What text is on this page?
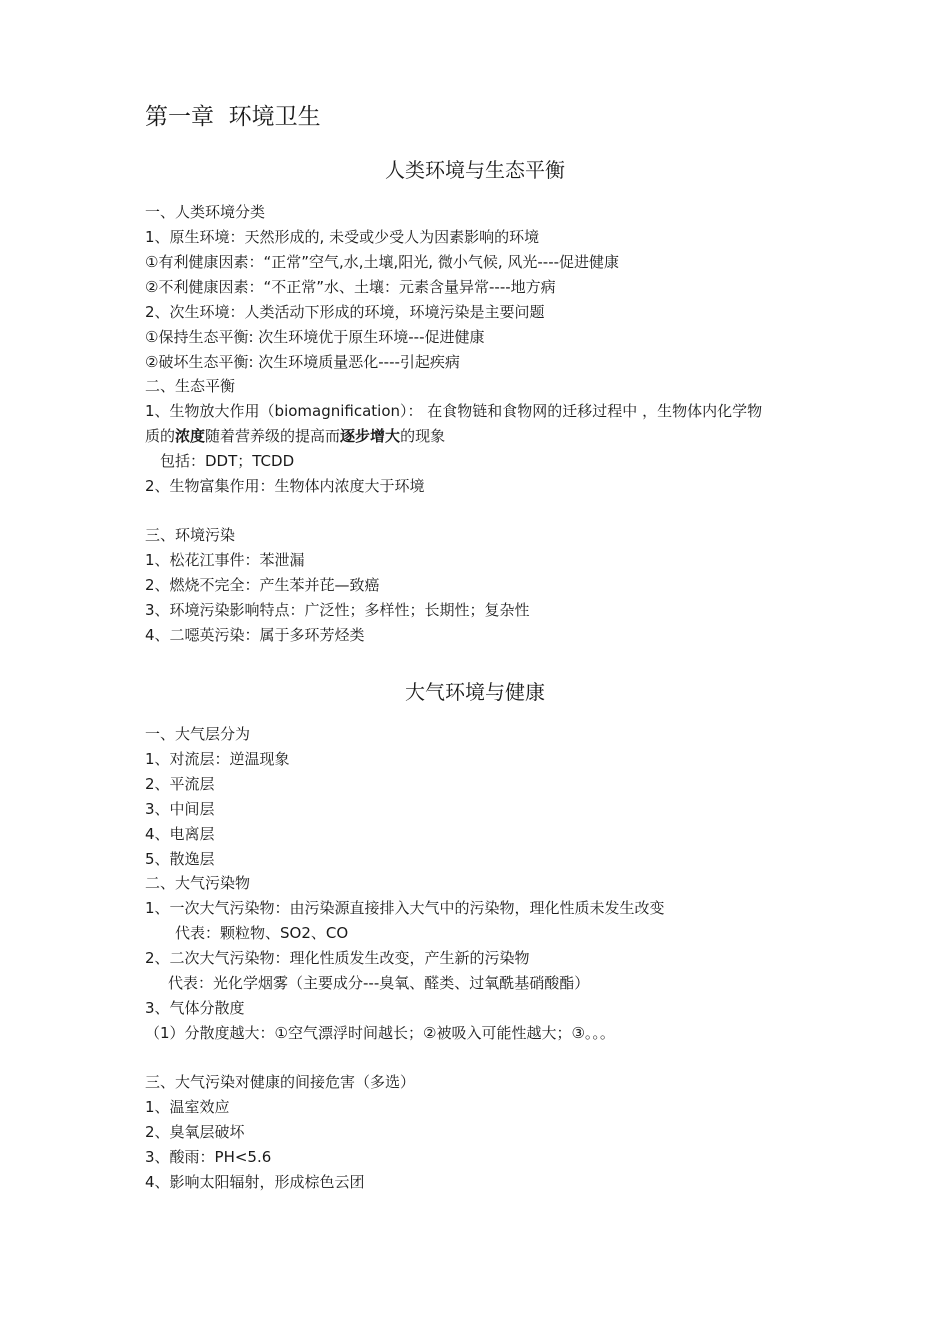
第一章  环境卫生
人类环境与生态平衡
一、人类环境分类
1、原生环境：天然形成的, 未受或少受人为因素影响的环境
①有利健康因素：“正常”空气,水,土壤,阳光, 微小气候, 风光----促进健康
②不利健康因素：“不正常”水、土壤：元素含量异常----地方病
2、次生环境：人类活动下形成的环境，环境污染是主要问题
①保持生态平衡: 次生环境优于原生环境---促进健康
②破坏生态平衡: 次生环境质量恶化----引起疾病
二、生态平衡
1、生物放大作用（biomagnification）： 在食物链和食物网的迁移过程中 ，生物体内化学物
质的浓度随着营养级的提高而逐步增大的现象
包括：DDT；TCDD
2、生物富集作用：生物体内浓度大于环境
三、环境污染
1、松花江事件：苯泄漏
2、燃烧不完全：产生苯并芘—致癌
3、环境污染影响特点：广泛性；多样性；长期性；复杂性
4、二噁英污染：属于多环芳烃类
大气环境与健康
一、大气层分为
1、对流层：逆温现象
2、平流层
3、中间层
4、电离层
5、散逸层
二、大气污染物
1、一次大气污染物：由污染源直接排入大气中的污染物，理化性质未发生改变
代表：颗粒物、SO2、CO
2、二次大气污染物：理化性质发生改变，产生新的污染物
代表：光化学烟雾（主要成分---臭氧、醛类、过氧酰基硝酸酯）
3、气体分散度
（1）分散度越大：①空气漂浮时间越长；②被吸入可能性越大；③。。。
三、大气污染对健康的间接危害（多选）
1、温室效应
2、臭氧层破坏
3、酸雨：PH<5.6
4、影响太阳辐射，形成棕色云团
